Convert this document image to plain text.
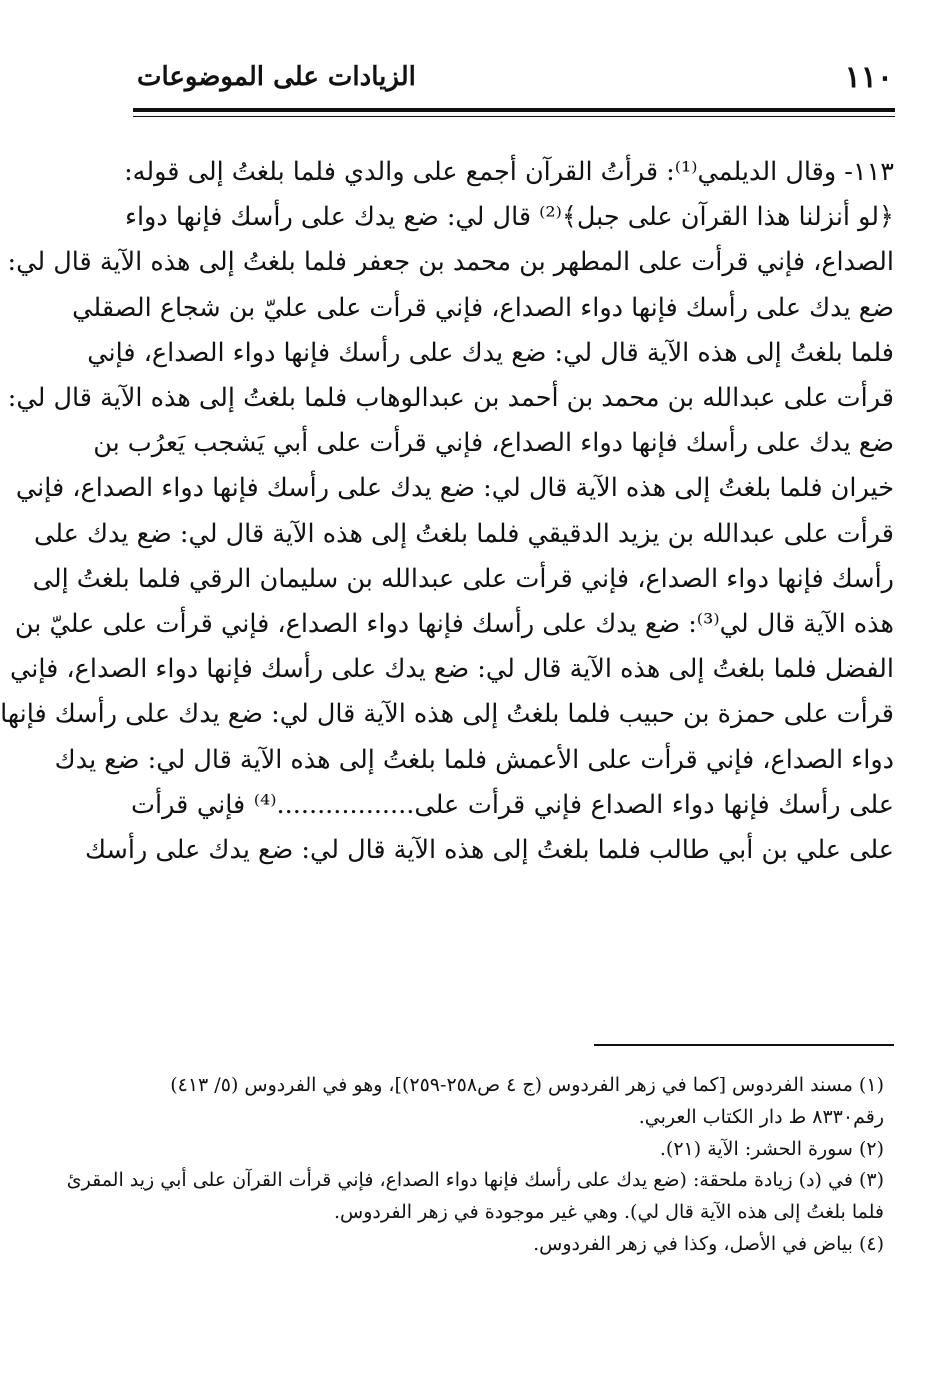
١١٠
الزيادات على الموضوعات
١١٣- وقال الديلمي⁽¹⁾: قرأتُ القرآن أجمع على والدي فلما بلغتُ إلى قوله:
﴿لو أنزلنا هذا القرآن على جبل﴾⁽²⁾ قال لي: ضع يدك على رأسك فإنها دواء
الصداع، فإني قرأت على المطهر بن محمد بن جعفر فلما بلغتُ إلى هذه الآية قال لي:
ضع يدك على رأسك فإنها دواء الصداع، فإني قرأت على عليّ بن شجاع الصقلي
فلما بلغتُ إلى هذه الآية قال لي: ضع يدك على رأسك فإنها دواء الصداع، فإني
قرأت على عبدالله بن محمد بن أحمد بن عبدالوهاب فلما بلغتُ إلى هذه الآية قال لي:
ضع يدك على رأسك فإنها دواء الصداع، فإني قرأت على أبي يَشجب يَعرُب بن
خيران فلما بلغتُ إلى هذه الآية قال لي: ضع يدك على رأسك فإنها دواء الصداع، فإني
قرأت على عبدالله بن يزيد الدقيقي فلما بلغتُ إلى هذه الآية قال لي: ضع يدك على
رأسك فإنها دواء الصداع، فإني قرأت على عبدالله بن سليمان الرقي فلما بلغتُ إلى
هذه الآية قال لي⁽³⁾: ضع يدك على رأسك فإنها دواء الصداع، فإني قرأت على عليّ بن
الفضل فلما بلغتُ إلى هذه الآية قال لي: ضع يدك على رأسك فإنها دواء الصداع، فإني
قرأت على حمزة بن حبيب فلما بلغتُ إلى هذه الآية قال لي: ضع يدك على رأسك فإنها
دواء الصداع، فإني قرأت على الأعمش فلما بلغتُ إلى هذه الآية قال لي: ضع يدك
على رأسك فإنها دواء الصداع فإني قرأت على.................⁽⁴⁾ فإني قرأت
على علي بن أبي طالب فلما بلغتُ إلى هذه الآية قال لي: ضع يدك على رأسك
(١) مسند الفردوس [كما في زهر الفردوس (ج ٤ ص٢٥٨-٢٥٩)]، وهو في الفردوس (٥/ ٤١٣)
رقم٨٣٣٠ ط دار الكتاب العربي.
(٢) سورة الحشر: الآية (٢١).
(٣) في (د) زيادة ملحقة: (ضع يدك على رأسك فإنها دواء الصداع، فإني قرأت القرآن على أبي زيد المقرئ
فلما بلغتُ إلى هذه الآية قال لي). وهي غير موجودة في زهر الفردوس.
(٤) بياض في الأصل، وكذا في زهر الفردوس.
